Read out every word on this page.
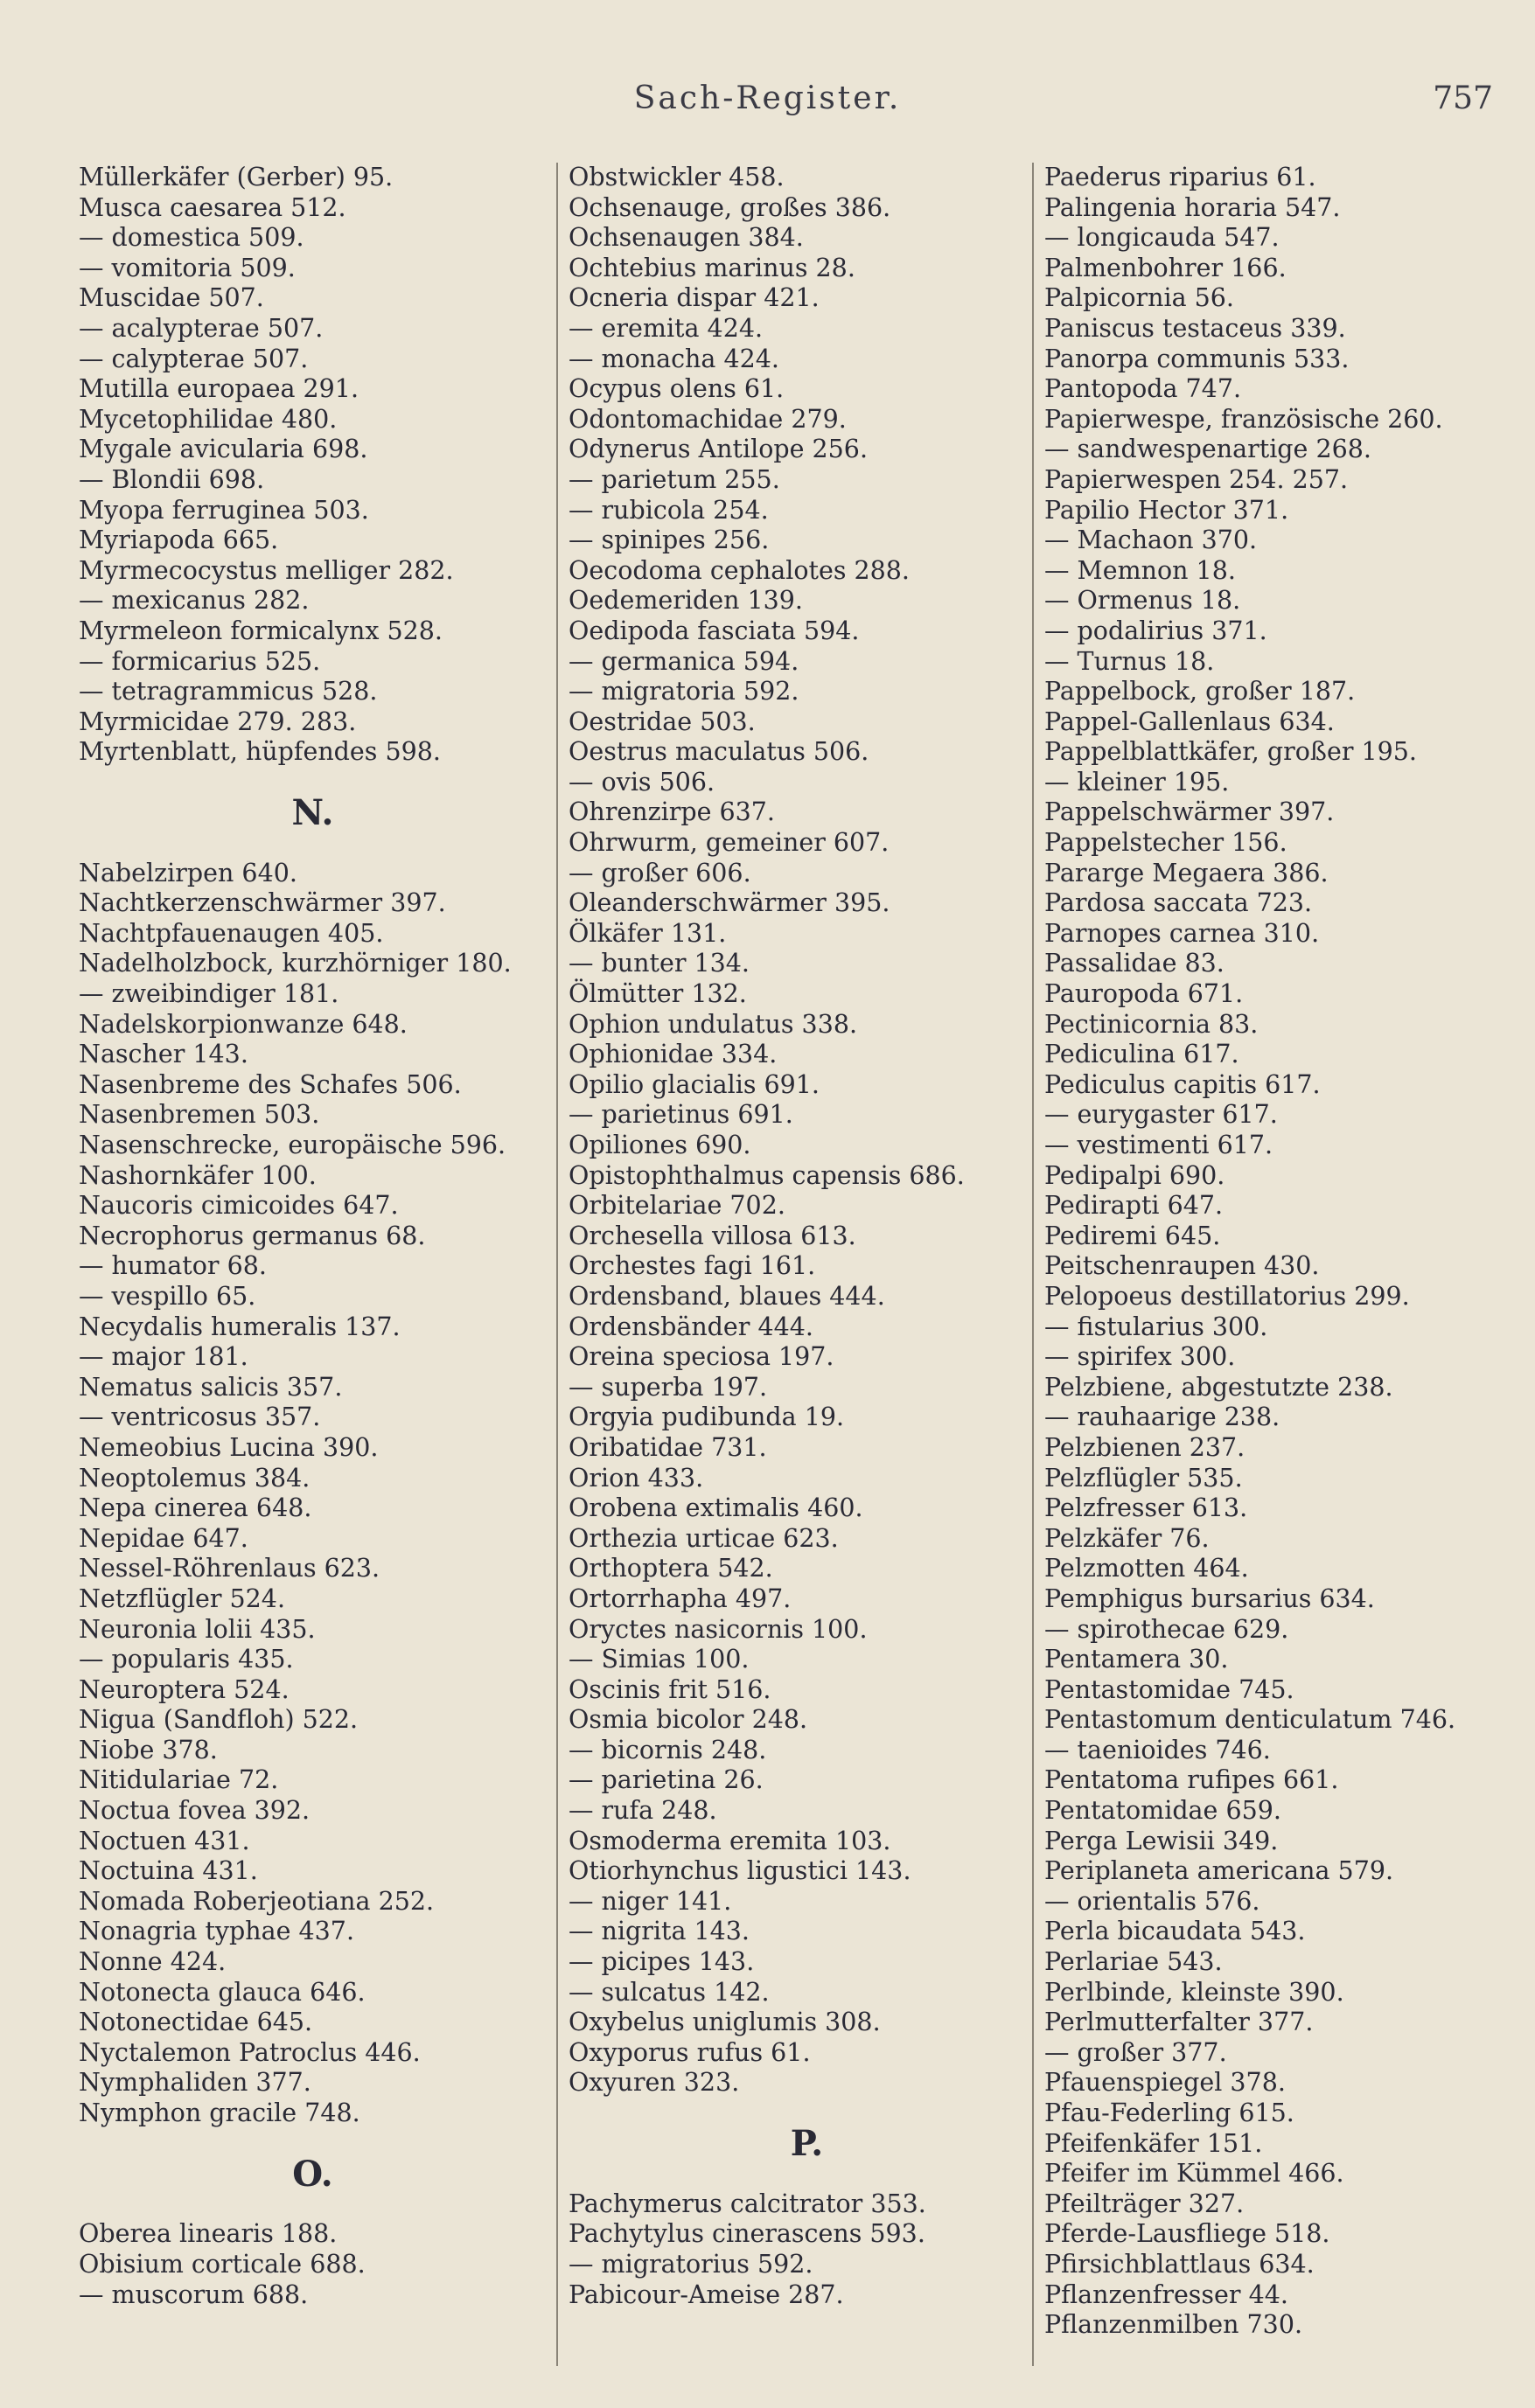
Sach-Register.	757
Müllerkäfer (Gerber) 95.
Musca caesarea 512.
— domestica 509.
— vomitoria 509.
Muscidae 507.
— acalypterae 507.
— calypterae 507.
Mutilla europaea 291.
Mycetophilidae 480.
Mygale avicularia 698.
— Blondii 698.
Myopa ferruginea 503.
Myriapoda 665.
Myrmecocystus melliger 282.
— mexicanus 282.
Myrmeleon formicalynx 528.
— formicarius 525.
— tetragrammicus 528.
Myrmicidae 279. 283.
Myrtenblatt, hüpfendes 598.
N.
Nabelzirpen 640.
Nachtkerzenschwärmer 397.
Nachtpfauenaugen 405.
Nadelholzbock, kurzhörniger 180.
— zweibindiger 181.
Nadelskorpionwanze 648.
Nascher 143.
Nasenbreme des Schafes 506.
Nasenbremen 503.
Nasenschrecke, europäische 596.
Nashornkäfer 100.
Naucoris cimicoides 647.
Necrophorus germanus 68.
— humator 68.
— vespillo 65.
Necydalis humeralis 137.
— major 181.
Nematus salicis 357.
— ventricosus 357.
Nemeobius Lucina 390.
Neoptolemus 384.
Nepa cinerea 648.
Nepidae 647.
Nessel-Röhrenlaus 623.
Netzflügler 524.
Neuronia lolii 435.
— popularis 435.
Neuroptera 524.
Nigua (Sandfloh) 522.
Niobe 378.
Nitidulariae 72.
Noctua fovea 392.
Noctuen 431.
Noctuina 431.
Nomada Roberjeotiana 252.
Nonagria typhae 437.
Nonne 424.
Notonecta glauca 646.
Notonectidae 645.
Nyctalemon Patroclus 446.
Nymphaliden 377.
Nymphon gracile 748.
O.
Oberea linearis 188.
Obisium corticale 688.
— muscorum 688.
Obstwickler 458.
Ochsenauge, großes 386.
Ochsenaugen 384.
Ochtebius marinus 28.
Ocneria dispar 421.
— eremita 424.
— monacha 424.
Ocypus olens 61.
Odontomachidae 279.
Odynerus Antilope 256.
— parietum 255.
— rubicola 254.
— spinipes 256.
Oecodoma cephalotes 288.
Oedemeriden 139.
Oedipoda fasciata 594.
— germanica 594.
— migratoria 592.
Oestridae 503.
Oestrus maculatus 506.
— ovis 506.
Ohrenzirpe 637.
Ohrwurm, gemeiner 607.
— großer 606.
Oleanderschwärmer 395.
Ölkäfer 131.
— bunter 134.
Ölmütter 132.
Ophion undulatus 338.
Ophionidae 334.
Opilio glacialis 691.
— parietinus 691.
Opiliones 690.
Opistophthalmus capensis 686.
Orbitelariae 702.
Orchesella villosa 613.
Orchestes fagi 161.
Ordensband, blaues 444.
Ordensbänder 444.
Oreina speciosa 197.
— superba 197.
Orgyia pudibunda 19.
Oribatidae 731.
Orion 433.
Orobena extimalis 460.
Orthezia urticae 623.
Orthoptera 542.
Ortorrhapha 497.
Oryctes nasicornis 100.
— Simias 100.
Oscinis frit 516.
Osmia bicolor 248.
— bicornis 248.
— parietina 26.
— rufa 248.
Osmoderma eremita 103.
Otiorhynchus ligustici 143.
— niger 141.
— nigrita 143.
— picipes 143.
— sulcatus 142.
Oxybelus uniglumis 308.
Oxyporus rufus 61.
Oxyuren 323.
P.
Pachymerus calcitrator 353.
Pachytylus cinerascens 593.
— migratorius 592.
Pabicour-Ameise 287.
Paederus riparius 61.
Palingenia horaria 547.
— longicauda 547.
Palmenbohrer 166.
Palpicornia 56.
Paniscus testaceus 339.
Panorpa communis 533.
Pantopoda 747.
Papierwespe, französische 260.
— sandwespenartige 268.
Papierwespen 254. 257.
Papilio Hector 371.
— Machaon 370.
— Memnon 18.
— Ormenus 18.
— podalirius 371.
— Turnus 18.
Pappelbock, großer 187.
Pappel-Gallenlaus 634.
Pappelblattkäfer, großer 195.
— kleiner 195.
Pappelschwärmer 397.
Pappelstecher 156.
Pararge Megaera 386.
Pardosa saccata 723.
Parnopes carnea 310.
Passalidae 83.
Pauropoda 671.
Pectinicornia 83.
Pediculina 617.
Pediculus capitis 617.
— eurygaster 617.
— vestimenti 617.
Pedipalpi 690.
Pedirapti 647.
Pediremi 645.
Peitschenraupen 430.
Pelopoeus destillatorius 299.
— fistularius 300.
— spirifex 300.
Pelzbiene, abgestutzte 238.
— rauhaarige 238.
Pelzbienen 237.
Pelzflügler 535.
Pelzfresser 613.
Pelzkäfer 76.
Pelzmotten 464.
Pemphigus bursarius 634.
— spirothecae 629.
Pentamera 30.
Pentastomidae 745.
Pentastomum denticulatum 746.
— taenioides 746.
Pentatoma rufipes 661.
Pentatomidae 659.
Perga Lewisii 349.
Periplaneta americana 579.
— orientalis 576.
Perla bicaudata 543.
Perlariae 543.
Perlbinde, kleinste 390.
Perlmutterfalter 377.
— großer 377.
Pfauenspiegel 378.
Pfau-Federling 615.
Pfeifenkäfer 151.
Pfeifer im Kümmel 466.
Pfeilträger 327.
Pferde-Lausfliege 518.
Pfirsichblattlaus 634.
Pflanzenfresser 44.
Pflanzenmilben 730.
